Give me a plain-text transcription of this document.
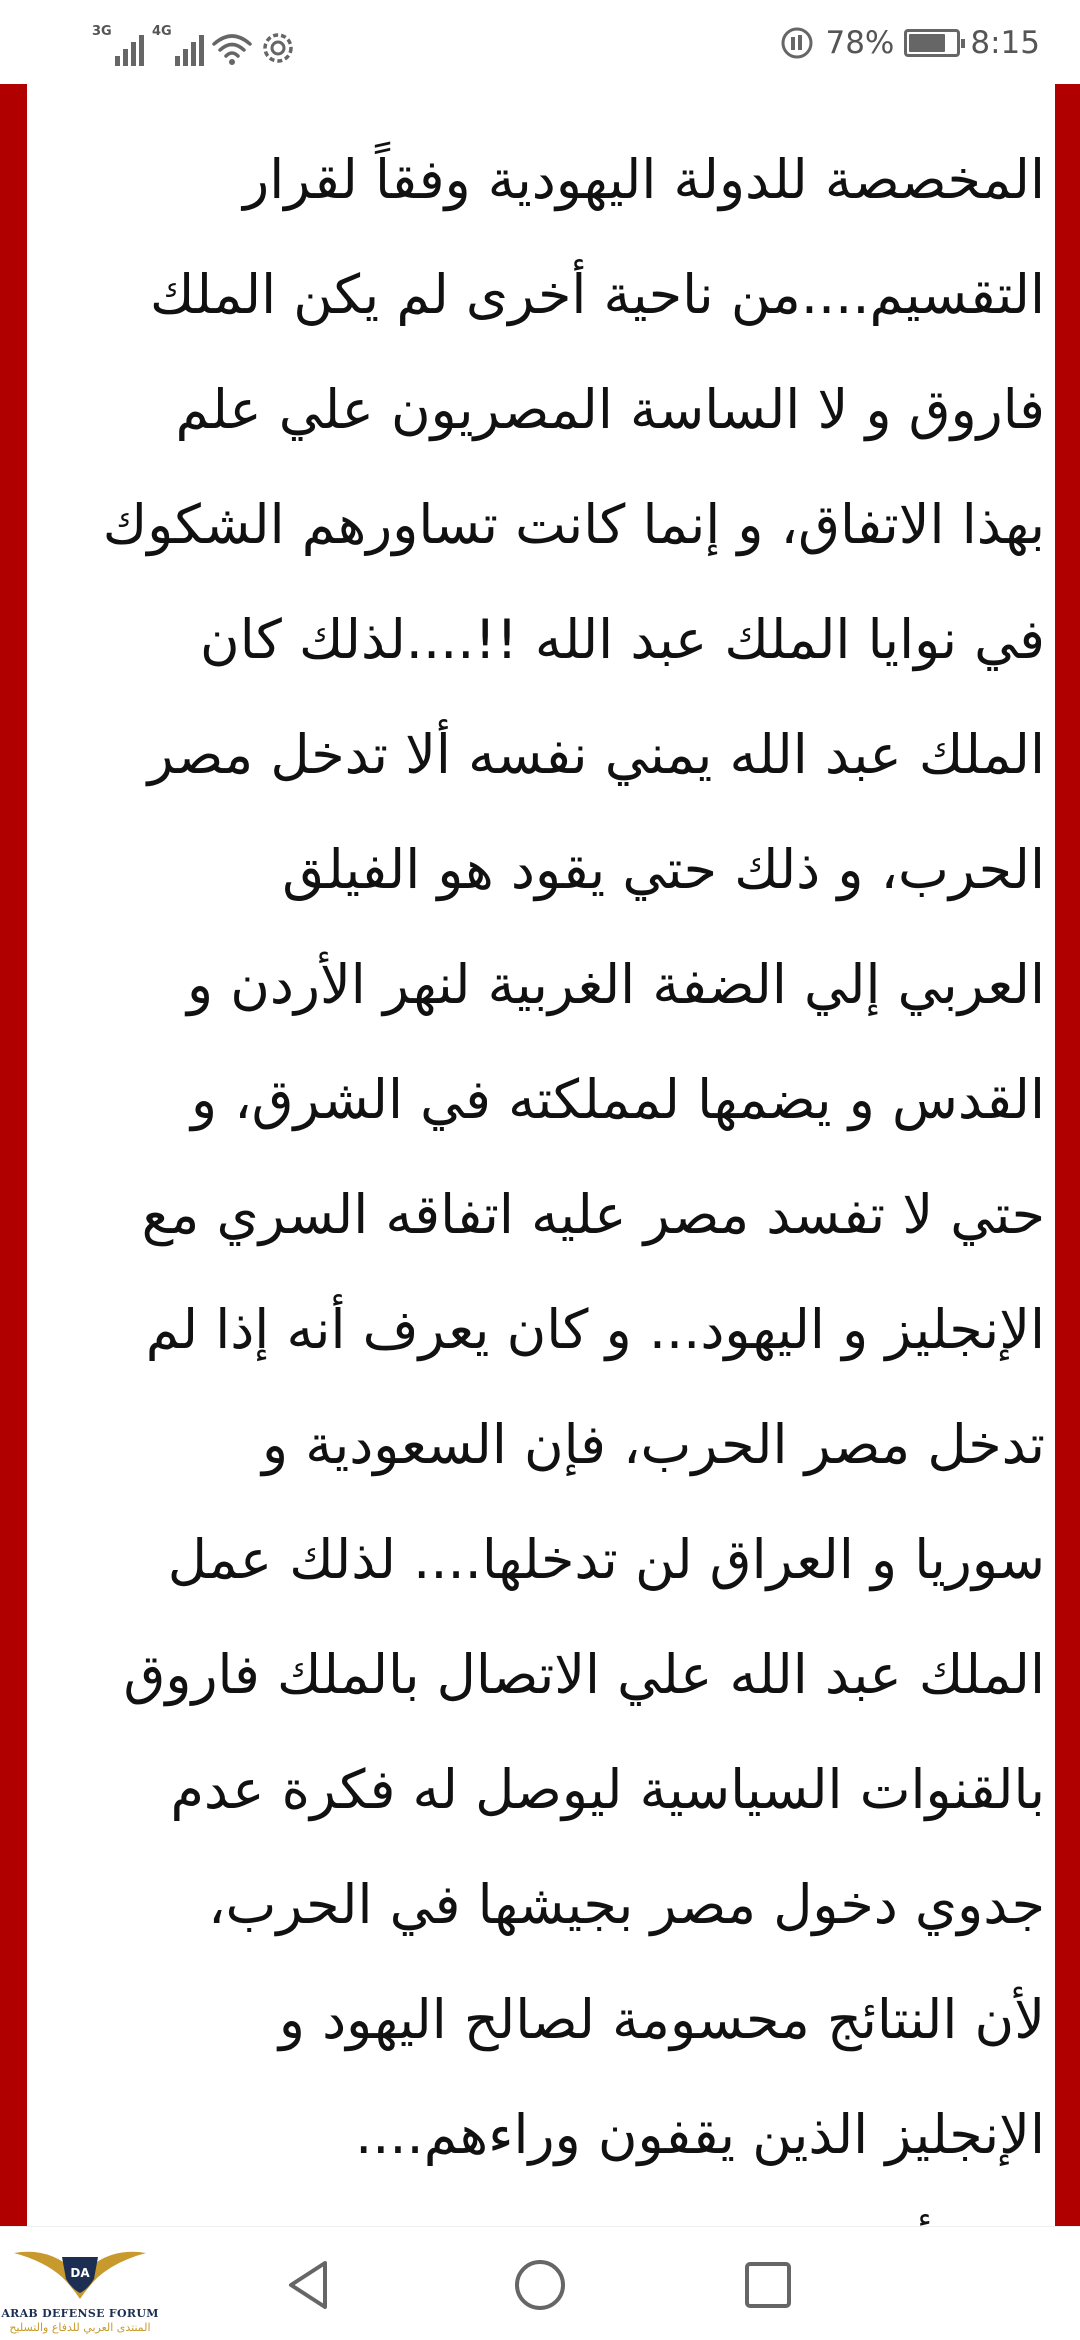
3G	4G	78% 8:15
المخصصة للدولة اليهودية وفقاً لقرار
التقسيم....من ناحية أخرى لم يكن الملك
فاروق و لا الساسة المصريون علي علم
بهذا الاتفاق، و إنما كانت تساورهم الشكوك
في نوايا الملك عبد الله !!....لذلك كان
الملك عبد الله يمني نفسه ألا تدخل مصر
الحرب، و ذلك حتي يقود هو الفيلق
العربي إلي الضفة الغربية لنهر الأردن و
القدس و يضمها لمملكته في الشرق، و
حتي لا تفسد مصر عليه اتفاقه السري مع
الإنجليز و اليهود... و كان يعرف أنه إذا لم
تدخل مصر الحرب، فإن السعودية و
سوريا و العراق لن تدخلها.... لذلك عمل
الملك عبد الله علي الاتصال بالملك فاروق
بالقنوات السياسية ليوصل له فكرة عدم
جدوي دخول مصر بجيشها في الحرب،
لأن النتائج محسومة لصالح اليهود و
الإنجليز الذين يقفون وراءهم....
DA
ARAB DEFENSE FORUM
المنتدى العربي للدفاع والتسليح
